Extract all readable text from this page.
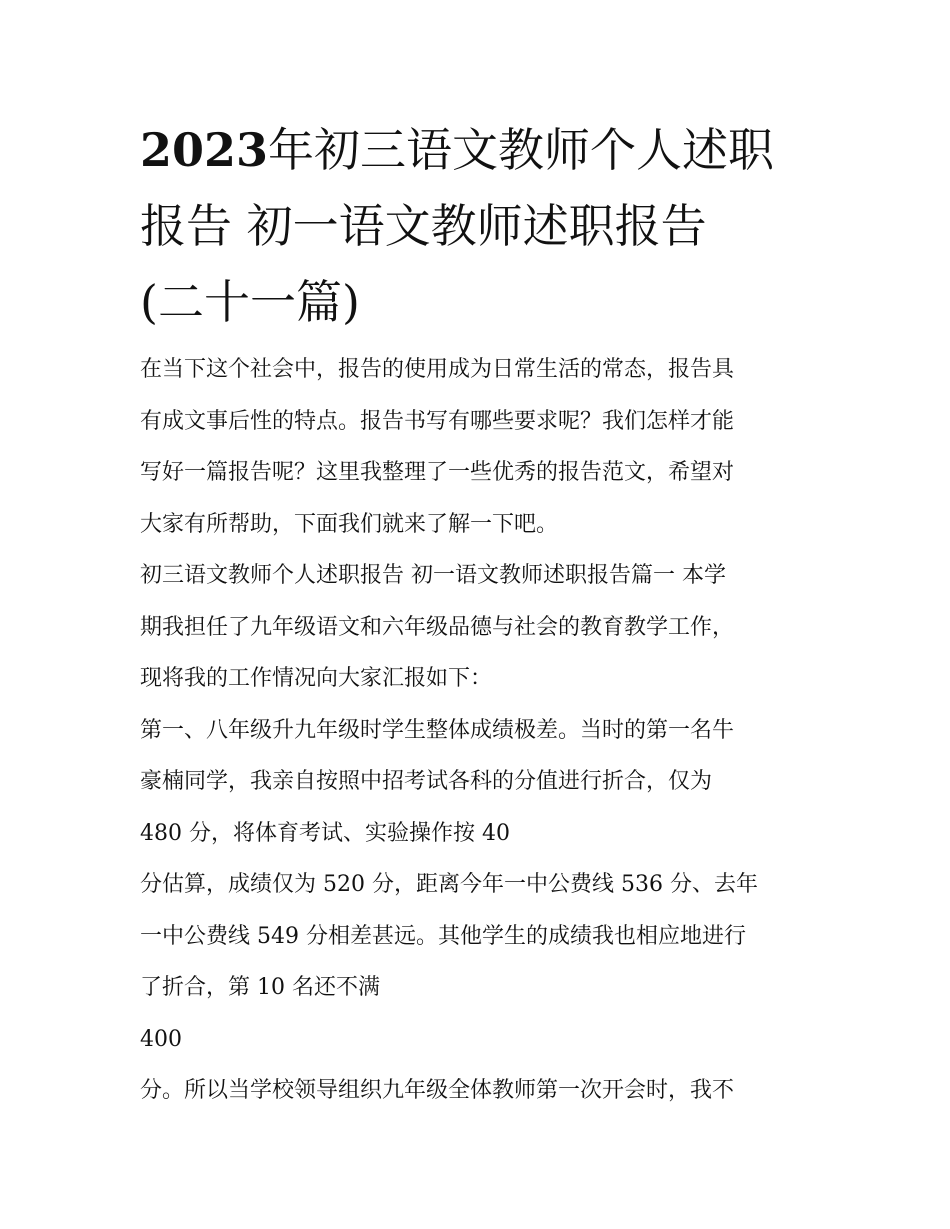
2023年初三语文教师个人述职
报告 初一语文教师述职报告
(二十一篇)

在当下这个社会中，报告的使用成为日常生活的常态，报告具
有成文事后性的特点。报告书写有哪些要求呢？我们怎样才能
写好一篇报告呢？这里我整理了一些优秀的报告范文，希望对
大家有所帮助，下面我们就来了解一下吧。

初三语文教师个人述职报告 初一语文教师述职报告篇一 本学
期我担任了九年级语文和六年级品德与社会的教育教学工作，
现将我的工作情况向大家汇报如下：

第一、八年级升九年级时学生整体成绩极差。当时的第一名牛
豪楠同学，我亲自按照中招考试各科的分值进行折合，仅为
480 分，将体育考试、实验操作按 40

分估算，成绩仅为 520 分，距离今年一中公费线 536 分、去年
一中公费线 549 分相差甚远。其他学生的成绩我也相应地进行
了折合，第 10 名还不满

400

分。所以当学校领导组织九年级全体教师第一次开会时，我不
